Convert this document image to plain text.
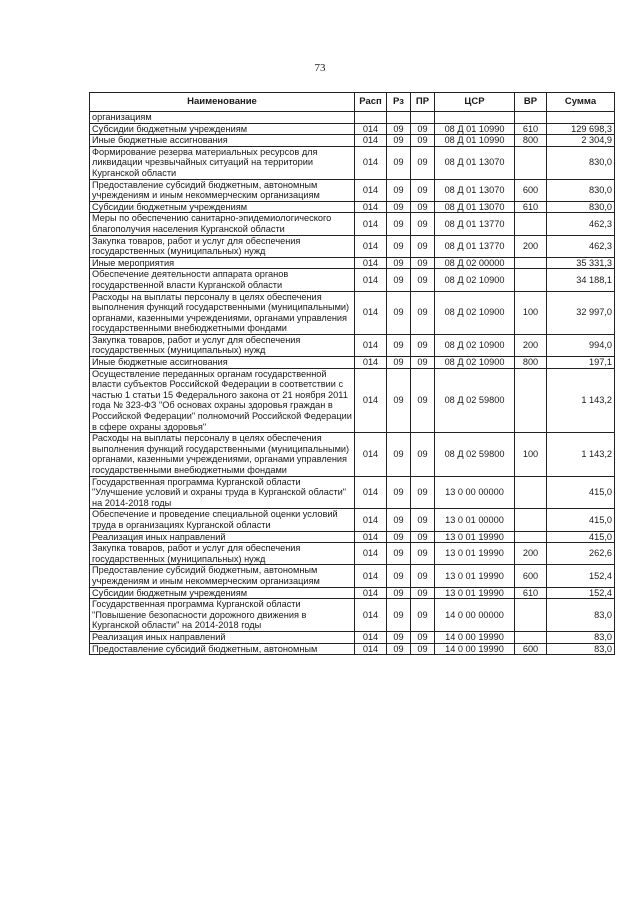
73
Наименование	Расп	Рз	ПР	ЦСР	ВР	Сумма
организациям						
Субсидии бюджетным учреждениям	014	09	09	08 Д 01 10990	610	129 698,3
Иные бюджетные ассигнования	014	09	09	08 Д 01 10990	800	2 304,9
Формирование резерва материальных ресурсов для ликвидации чрезвычайных ситуаций на территории Курганской области	014	09	09	08 Д 01 13070		830,0
Предоставление субсидий бюджетным, автономным учреждениям и иным некоммерческим организациям	014	09	09	08 Д 01 13070	600	830,0
Субсидии бюджетным учреждениям	014	09	09	08 Д 01 13070	610	830,0
Меры по обеспечению санитарно-эпидемиологического благополучия населения Курганской области	014	09	09	08 Д 01 13770		462,3
Закупка товаров, работ и услуг для обеспечения государственных (муниципальных) нужд	014	09	09	08 Д 01 13770	200	462,3
Иные мероприятия	014	09	09	08 Д 02 00000		35 331,3
Обеспечение деятельности аппарата органов государственной власти Курганской области	014	09	09	08 Д 02 10900		34 188,1
Расходы на выплаты персоналу в целях обеспечения выполнения функций государственными (муниципальными) органами, казенными учреждениями, органами управления государственными внебюджетными фондами	014	09	09	08 Д 02 10900	100	32 997,0
Закупка товаров, работ и услуг для обеспечения государственных (муниципальных) нужд	014	09	09	08 Д 02 10900	200	994,0
Иные бюджетные ассигнования	014	09	09	08 Д 02 10900	800	197,1
Осуществление переданных органам государственной власти субъектов Российской Федерации в соответствии с частью 1 статьи 15 Федерального закона от 21 ноября 2011 года № 323-ФЗ "Об основах охраны здоровья граждан в Российской Федерации" полномочий Российской Федерации в сфере охраны здоровья"	014	09	09	08 Д 02 59800		1 143,2
Расходы на выплаты персоналу в целях обеспечения выполнения функций государственными (муниципальными) органами, казенными учреждениями, органами управления государственными внебюджетными фондами	014	09	09	08 Д 02 59800	100	1 143,2
Государственная программа Курганской области "Улучшение условий и охраны труда в Курганской области" на 2014-2018 годы	014	09	09	13 0 00 00000		415,0
Обеспечение и проведение специальной оценки условий труда в организациях Курганской области	014	09	09	13 0 01 00000		415,0
Реализация иных направлений	014	09	09	13 0 01 19990		415,0
Закупка товаров, работ и услуг для обеспечения государственных (муниципальных) нужд	014	09	09	13 0 01 19990	200	262,6
Предоставление субсидий бюджетным, автономным учреждениям и иным некоммерческим организациям	014	09	09	13 0 01 19990	600	152,4
Субсидии бюджетным учреждениям	014	09	09	13 0 01 19990	610	152,4
Государственная программа Курганской области "Повышение безопасности дорожного движения в Курганской области" на 2014-2018 годы	014	09	09	14 0 00 00000		83,0
Реализация иных направлений	014	09	09	14 0 00 19990		83,0
Предоставление субсидий бюджетным, автономным	014	09	09	14 0 00 19990	600	83,0
